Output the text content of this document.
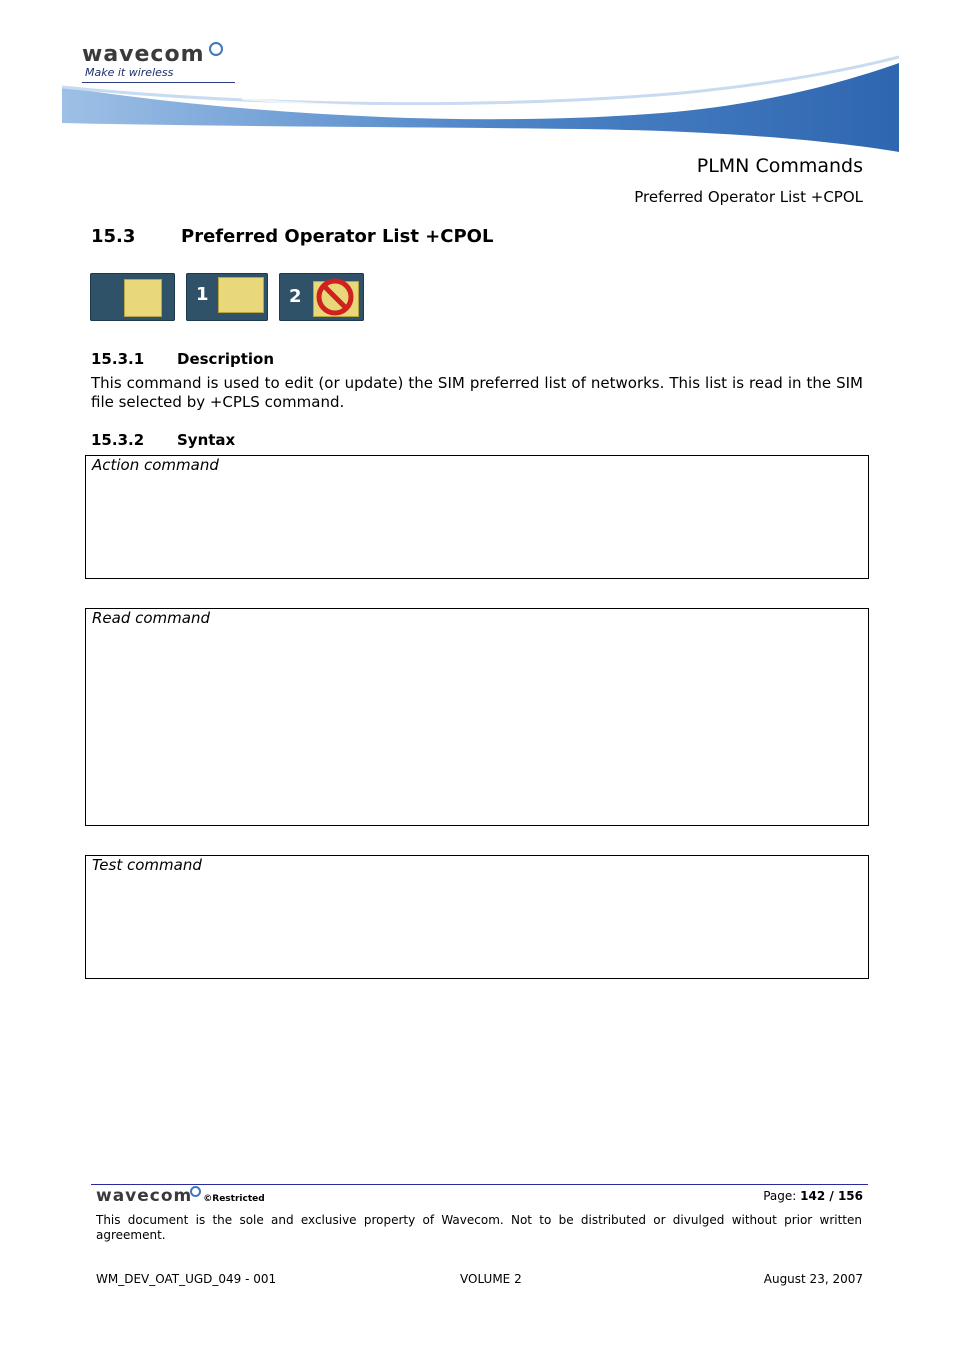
wavecom
Make it wireless
PLMN Commands
Preferred Operator List +CPOL
15.3	Preferred Operator List +CPOL
1	2
15.3.1 Description
This command is used to edit (or update) the SIM preferred list of networks. This list is read in the SIM file selected by +CPLS command.
15.3.2 Syntax
Action command
Read command
Test command
wavecom ©Restricted	Page: 142 / 156
This document is the sole and exclusive property of Wavecom. Not to be distributed or divulged without prior written agreement.
WM_DEV_OAT_UGD_049 - 001	VOLUME 2	August 23, 2007
